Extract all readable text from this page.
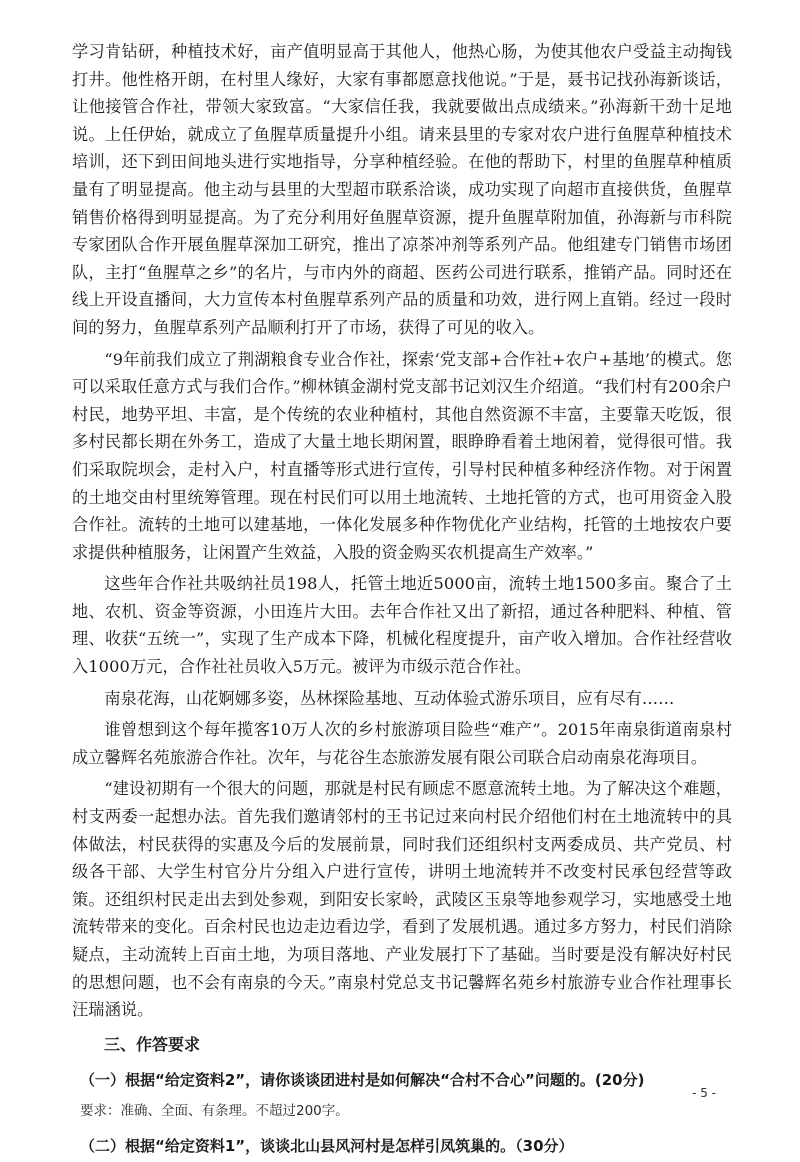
学习肯钻研，种植技术好，亩产值明显高于其他人，他热心肠，为使其他农户受益主动掏钱打井。他性格开朗，在村里人缘好，大家有事都愿意找他说。”于是，聂书记找孙海新谈话，让他接管合作社，带领大家致富。“大家信任我，我就要做出点成绩来。”孙海新干劲十足地说。上任伊始，就成立了鱼腥草质量提升小组。请来县里的专家对农户进行鱼腥草种植技术培训，还下到田间地头进行实地指导，分享种植经验。在他的帮助下，村里的鱼腥草种植质量有了明显提高。他主动与县里的大型超市联系洽谈，成功实现了向超市直接供货，鱼腥草销售价格得到明显提高。为了充分利用好鱼腥草资源，提升鱼腥草附加值，孙海新与市科院专家团队合作开展鱼腥草深加工研究，推出了凉茶冲剂等系列产品。他组建专门销售市场团队，主打“鱼腥草之乡”的名片，与市内外的商超、医药公司进行联系，推销产品。同时还在线上开设直播间，大力宣传本村鱼腥草系列产品的质量和功效，进行网上直销。经过一段时间的努力，鱼腥草系列产品顺利打开了市场，获得了可见的收入。

“9年前我们成立了荆湖粮食专业合作社，探索‘党支部+合作社+农户+基地’的模式。您可以采取任意方式与我们合作。”柳林镇金湖村党支部书记刘汉生介绍道。“我们村有200余户村民，地势平坦、丰富，是个传统的农业种植村，其他自然资源不丰富，主要靠天吃饭，很多村民都长期在外务工，造成了大量土地长期闲置，眼睁睁看着土地闲着，觉得很可惜。我们采取院坝会，走村入户，村直播等形式进行宣传，引导村民种植多种经济作物。对于闲置的土地交由村里统筹管理。现在村民们可以用土地流转、土地托管的方式，也可用资金入股合作社。流转的土地可以建基地，一体化发展多种作物优化产业结构，托管的土地按农户要求提供种植服务，让闲置产生效益，入股的资金购买农机提高生产效率。”

这些年合作社共吸纳社员198人，托管土地近5000亩，流转土地1500多亩。聚合了土地、农机、资金等资源，小田连片大田。去年合作社又出了新招，通过各种肥料、种植、管理、收获“五统一”，实现了生产成本下降，机械化程度提升，亩产收入增加。合作社经营收入1000万元，合作社社员收入5万元。被评为市级示范合作社。

南泉花海，山花婀娜多姿，丛林探险基地、互动体验式游乐项目，应有尽有……

谁曾想到这个每年揽客10万人次的乡村旅游项目险些“难产”。2015年南泉街道南泉村成立馨辉名苑旅游合作社。次年，与花谷生态旅游发展有限公司联合启动南泉花海项目。

“建设初期有一个很大的问题，那就是村民有顾虑不愿意流转土地。为了解决这个难题，村支两委一起想办法。首先我们邀请邻村的王书记过来向村民介绍他们村在土地流转中的具体做法，村民获得的实惠及今后的发展前景，同时我们还组织村支两委成员、共产党员、村级各干部、大学生村官分片分组入户进行宣传，讲明土地流转并不改变村民承包经营等政策。还组织村民走出去到处参观，到阳安长家岭，武陵区玉泉等地参观学习，实地感受土地流转带来的变化。百余村民也边走边看边学，看到了发展机遇。通过多方努力，村民们消除疑点，主动流转上百亩土地，为项目落地、产业发展打下了基础。当时要是没有解决好村民的思想问题，也不会有南泉的今天。”南泉村党总支书记馨辉名苑乡村旅游专业合作社理事长汪瑞涵说。

三、作答要求
（一）根据“给定资料2”，请你谈谈团进村是如何解决“合村不合心”问题的。(20分)
要求：准确、全面、有条理。不超过200字。
（二）根据“给定资料1”，谈谈北山县风河村是怎样引凤筑巢的。（30分）
- 5 -
